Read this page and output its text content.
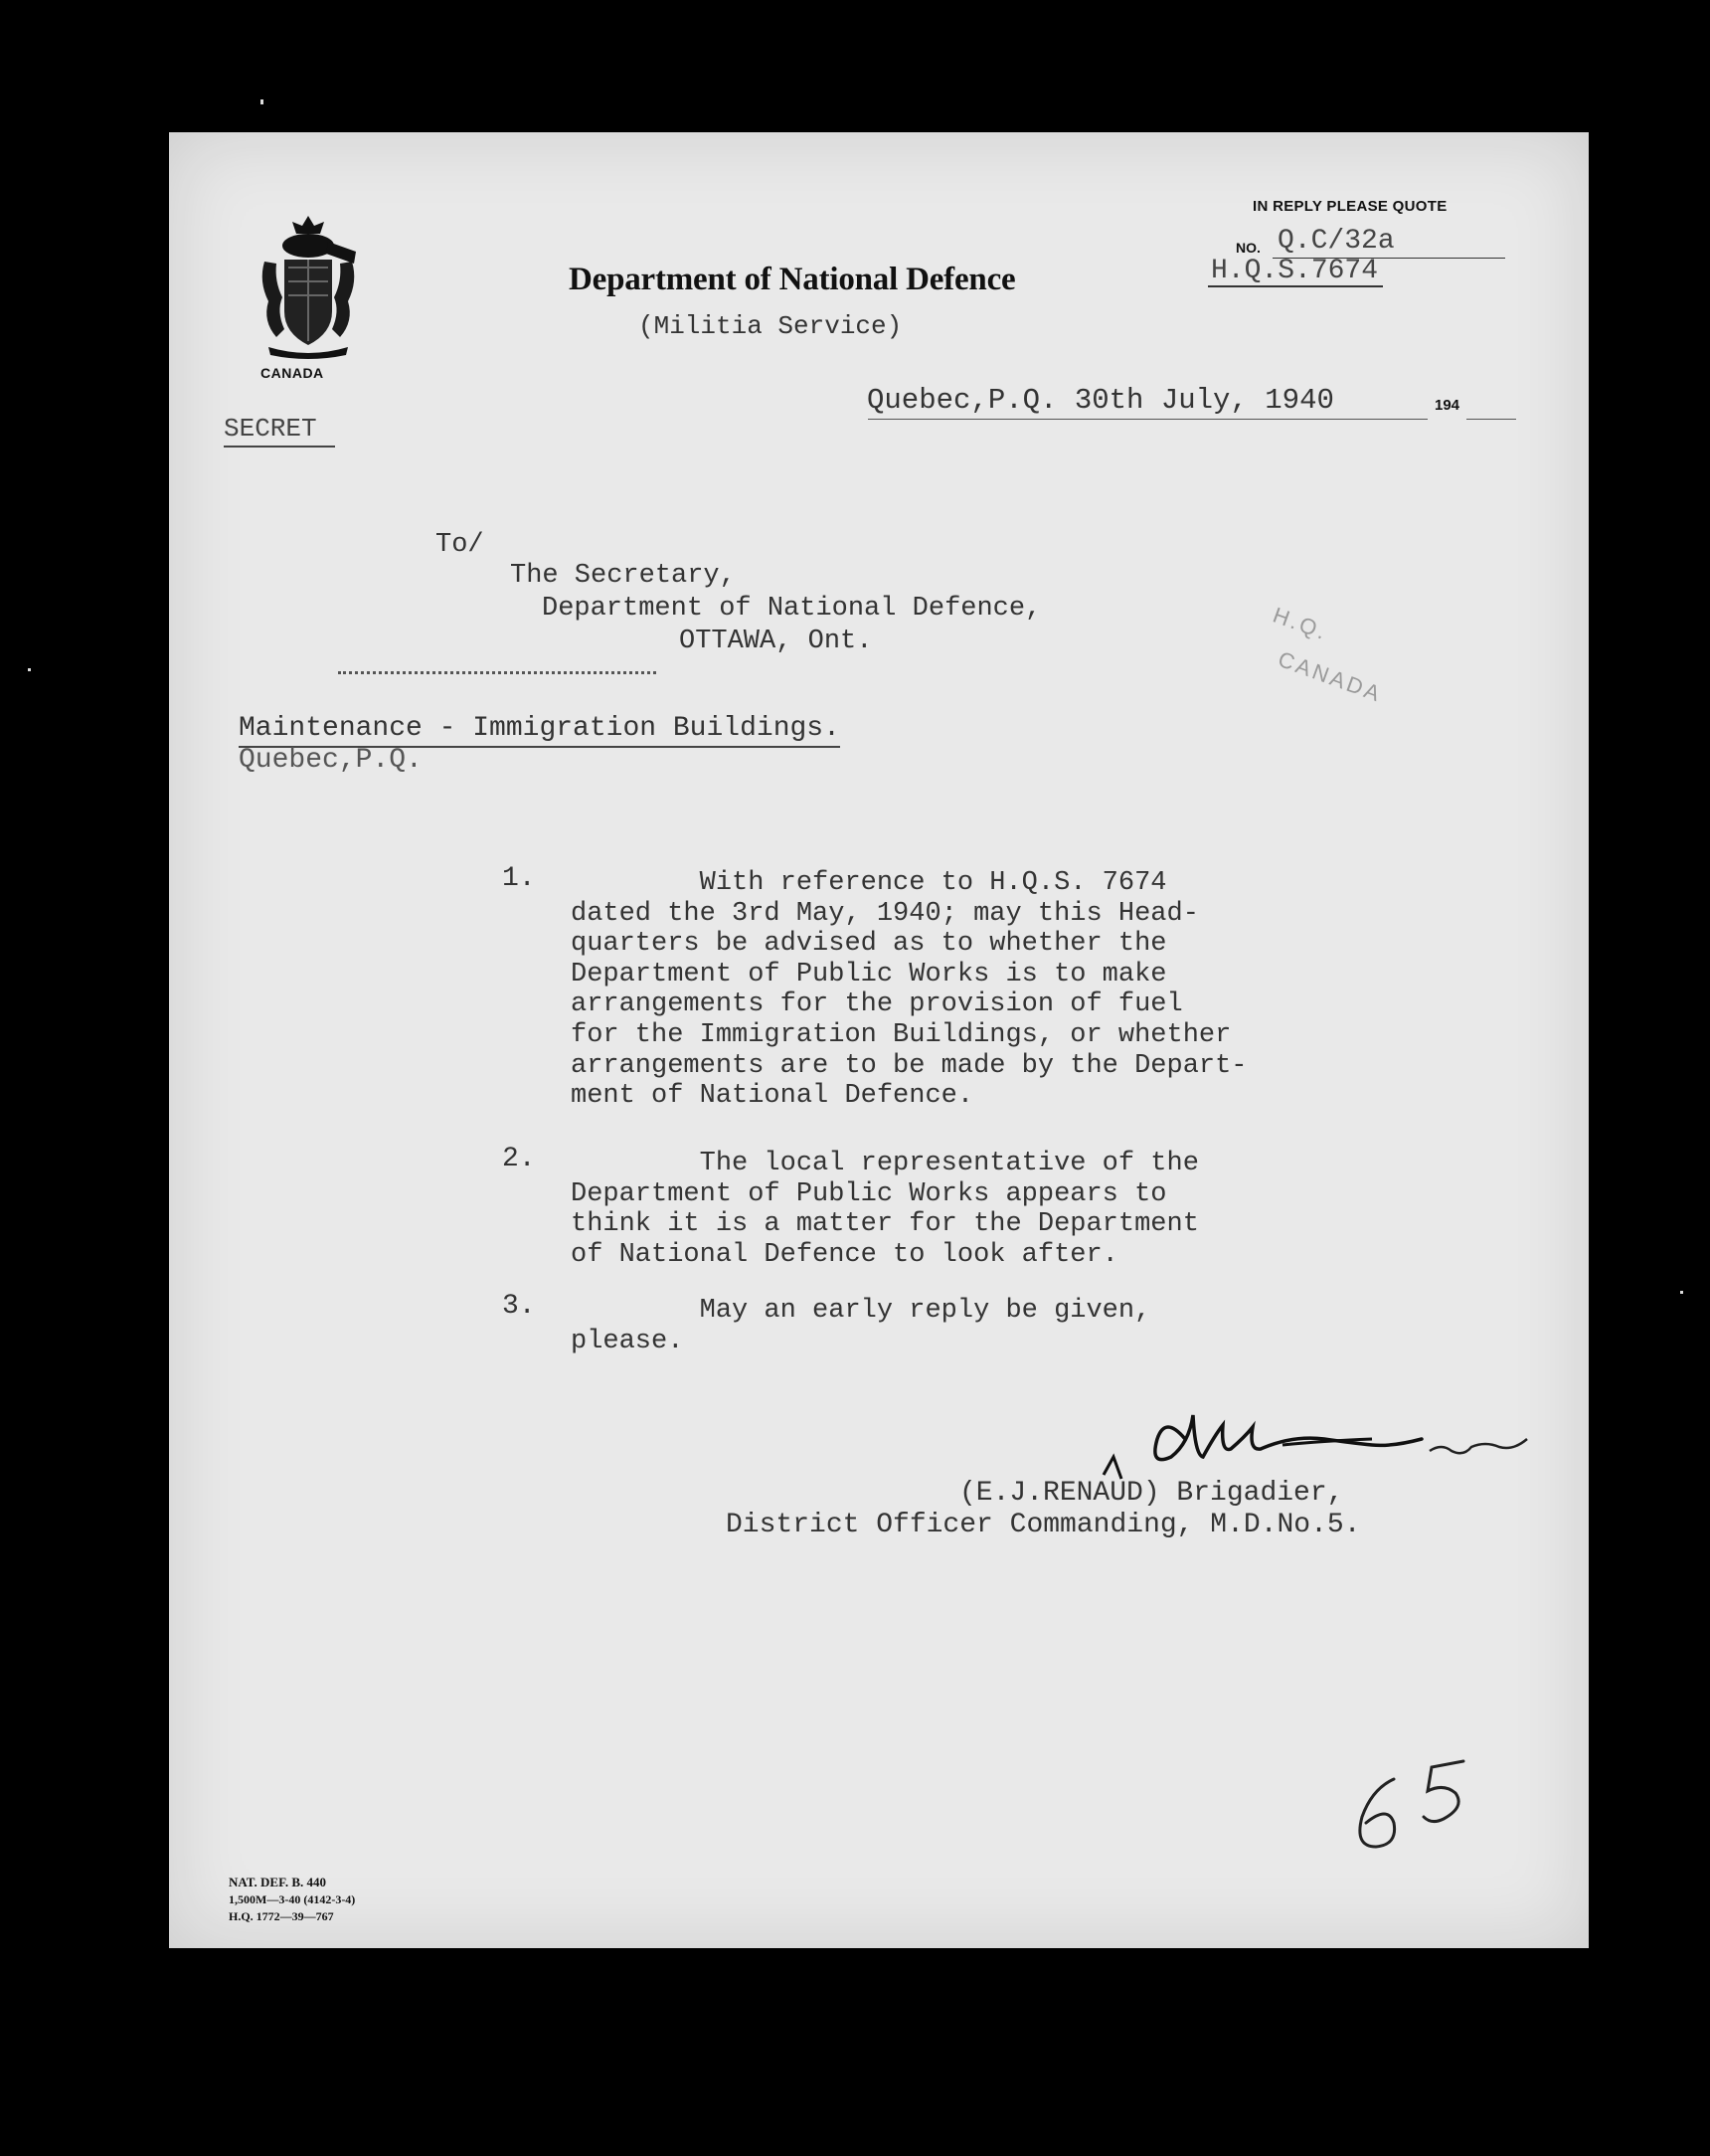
CANADA
Department of National Defence
(Militia Service)
IN REPLY PLEASE QUOTE
NO. Q.C/32a
H.Q.S.7674
SECRET
Quebec,P.Q. 30th July, 1940	194
To/
The Secretary,
Department of National Defence,
OTTAWA, Ont.
Maintenance - Immigration Buildings.
Quebec,P.Q.
H.Q.
CANADA
1.	With reference to H.Q.S. 7674
dated the 3rd May, 1940; may this Head-
quarters be advised as to whether the
Department of Public Works is to make
arrangements for the provision of fuel
for the Immigration Buildings, or whether
arrangements are to be made by the Depart-
ment of National Defence.
2.	The local representative of the
Department of Public Works appears to
think it is a matter for the Department
of National Defence to look after.
3.	May an early reply be given,
please.
(E.J.RENAUD) Brigadier,
District Officer Commanding, M.D.No.5.
NAT. DEF. B. 440
1,500M—3-40 (4142-3-4)
H.Q. 1772—39—767
